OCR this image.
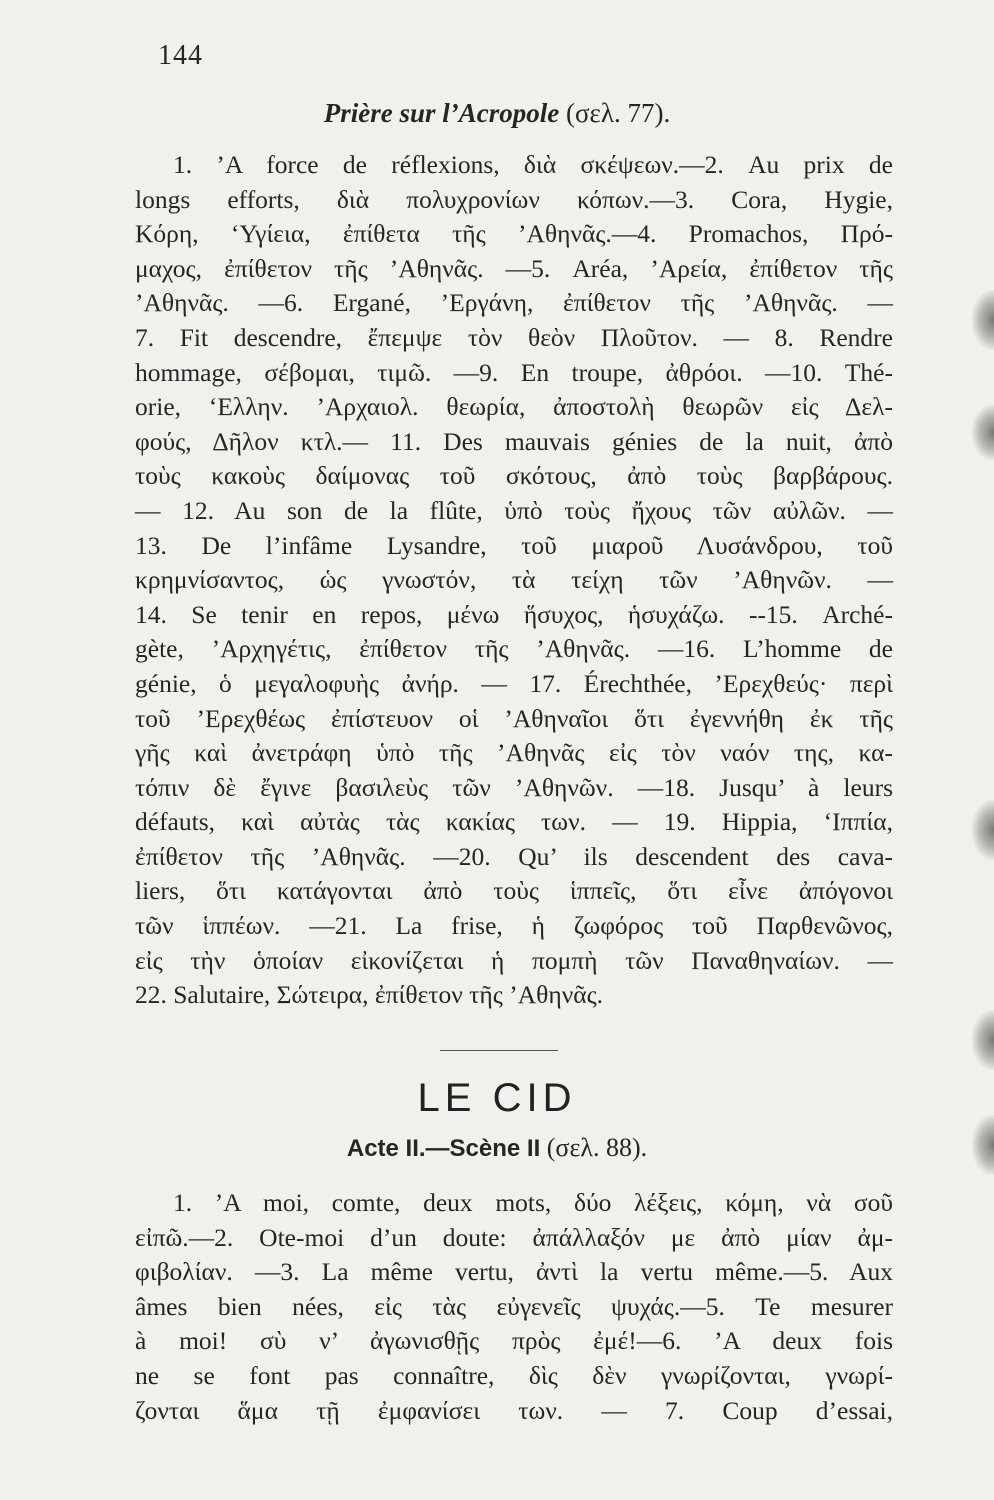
144
Prière sur l’Acropole (σελ. 77).
1. ’A force de réflexions, διὰ σκέψεων.—2. Au prix de
longs efforts, διὰ πολυχρονίων κόπων.—3. Cora, Hygie,
Κόρη, ‘Υγίεια, ἐπίθετα τῆς ’Αθηνᾶς.—4. Promachos, Πρό-
μαχος, ἐπίθετον τῆς ’Αθηνᾶς. —5. Aréa, ’Αρεία, ἐπίθετον τῆς
’Αθηνᾶς. —6. Ergané, ’Εργάνη, ἐπίθετον τῆς ’Αθηνᾶς. —
7. Fit descendre, ἔπεμψε τὸν θεὸν Πλοῦτον. — 8. Rendre
hommage, σέβομαι, τιμῶ. —9. En troupe, ἀθρόοι. —10. Thé-
orie, ‘Ελλην. ’Αρχαιολ. θεωρία, ἀποστολὴ θεωρῶν εἰς Δελ-
φούς, Δῆλον κτλ.— 11. Des mauvais génies de la nuit, ἀπὸ
τοὺς κακοὺς δαίμονας τοῦ σκότους, ἀπὸ τοὺς βαρβάρους.
— 12. Au son de la flûte, ὑπὸ τοὺς ἤχους τῶν αὐλῶν. —
13. De l’infâme Lysandre, τοῦ μιαροῦ Λυσάνδρου, τοῦ
κρημνίσαντος, ὡς γνωστόν, τὰ τείχη τῶν ’Αθηνῶν. —
14. Se tenir en repos, μένω ἥσυχος, ἡσυχάζω. --15. Arché-
gète, ’Αρχηγέτις, ἐπίθετον τῆς ’Αθηνᾶς. —16. L’homme de
génie, ὁ μεγαλοφυὴς ἀνήρ. — 17. Érechthée, ’Ερεχθεύς· περὶ
τοῦ ’Ερεχθέως ἐπίστευον οἱ ’Αθηναῖοι ὅτι ἐγεννήθη ἐκ τῆς
γῆς καὶ ἀνετράφη ὑπὸ τῆς ’Αθηνᾶς εἰς τὸν ναόν της, κα-
τόπιν δὲ ἔγινε βασιλεὺς τῶν ’Αθηνῶν. —18. Jusqu’ à leurs
défauts, καὶ αὐτὰς τὰς κακίας των. — 19. Hippia, ‘Ιππία,
ἐπίθετον τῆς ’Αθηνᾶς. —20. Qu’ ils descendent des cava-
liers, ὅτι κατάγονται ἀπὸ τοὺς ἱππεῖς, ὅτι εἶνε ἀπόγονοι
τῶν ἱππέων. —21. La frise, ἡ ζωφόρος τοῦ Παρθενῶνος,
εἰς τὴν ὁποίαν εἰκονίζεται ἡ πομπὴ τῶν Παναθηναίων. —
22. Salutaire, Σώτειρα, ἐπίθετον τῆς ’Αθηνᾶς.
LE CID
Acte II.—Scène II (σελ. 88).
1. ’A moi, comte, deux mots, δύο λέξεις, κόμη, νὰ σοῦ
εἰπῶ.—2. Ote-moi d’un doute: ἀπάλλαξόν με ἀπὸ μίαν ἀμ-
φιβολίαν. —3. La même vertu, ἀντὶ la vertu même.—5. Aux
âmes bien nées, εἰς τὰς εὐγενεῖς ψυχάς.—5. Te mesurer
à moi! σὺ ν’ ἀγωνισθῇς πρὸς ἐμέ!—6. ’A deux fois
ne se font pas connaître, δὶς δὲν γνωρίζονται, γνωρί-
ζονται ἅμα τῇ ἐμφανίσει των. — 7. Coup d’essai,
